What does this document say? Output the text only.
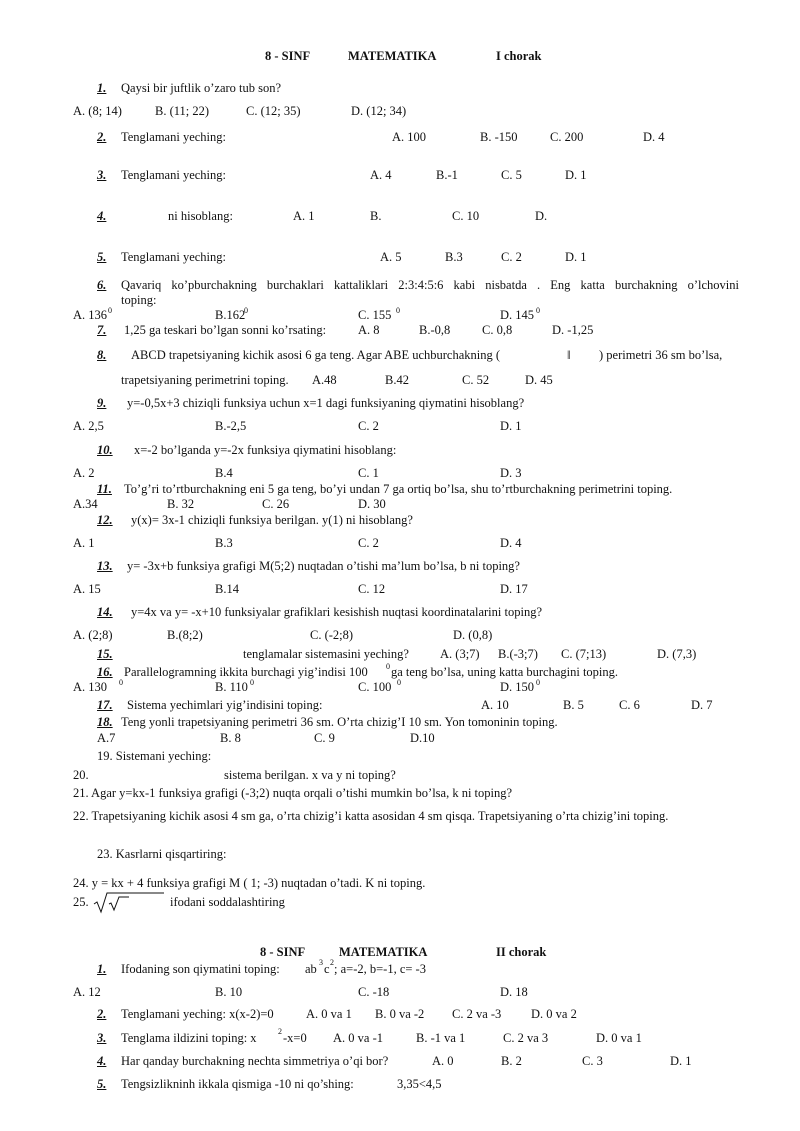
8 - SINF	MATEMATIKA	I chorak
1. Qaysi bir juftlik o’zaro tub son?
A. (8; 14)	B. (11; 22)	C. (12; 35)	D. (12; 34)
2. Tenglamani yeching:	A. 100	B. -150	C. 200	D. 4
3. Tenglamani yeching:	A. 4	B.-1	C. 5	D. 1
4.	ni hisoblang:	A. 1	B.	C. 10	D.
5. Tenglamani yeching:	A. 5	B.3	C. 2	D. 1
6. Qavariq ko’pburchakning burchaklari kattaliklari 2:3:4:5:6 kabi nisbatda . Eng katta burchakning o’lchovini
toping:
A. 136 0	B.162
0	C. 155 0	D. 145 0
7. 1,25 ga teskari bo’lgan sonni ko’rsating:	A. 8	B.-0,8	C. 0,8	D. -1,25
8.	ABCD trapetsiyaning kichik asosi 6 ga teng. Agar ABE uchburchakning (	‖ ) perimetri 36 sm bo’lsa,
trapetsiyaning perimetrini toping. A.48	B.42	C. 52	D. 45
9.	y=-0,5x+3 chiziqli funksiya uchun x=1 dagi funksiyaning qiymatini hisoblang?
A. 2,5	B.-2,5	C. 2	D. 1
10.	x=-2 bo’lganda y=-2x funksiya qiymatini hisoblang:
A. 2	B.4	C. 1	D. 3
11. To’g’ri to’rtburchakning eni 5 ga teng, bo’yi undan 7 ga ortiq bo’lsa, shu to’rtburchakning perimetrini toping.
A.34	B. 32	C. 26	D. 30
12. y(x)= 3x-1 chiziqli funksiya berilgan. y(1) ni hisoblang?
A. 1	B.3	C. 2	D. 4
13. y= -3x+b funksiya grafigi M(5;2) nuqtadan o’tishi ma’lum bo’lsa, b ni toping?
A. 15	B.14	C. 12	D. 17
14. y=4x va y= -x+10 funksiyalar grafiklari kesishish nuqtasi koordinatalarini toping?
A. (2;8)	B.(8;2)	C. (-2;8)	D. (0,8)
15.	tenglamalar sistemasini yeching? A. (3;7) B.(-3;7) C. (7;13)	D. (7,3)
16. Parallelogramning ikkita burchagi yig’indisi 100 0 ga teng bo’lsa, uning katta burchagini toping.
A. 130 0	B. 110 0	C. 100 0	D. 150 0
17. Sistema yechimlari yig’indisini toping:	A. 10	B. 5	C. 6	D. 7
18. Teng yonli trapetsiyaning perimetri 36 sm. O’rta chizig’I 10 sm. Yon tomoninin toping.
A.7	B. 8	C. 9	D.10
19. Sistemani yeching:
20.	sistema berilgan. x va y ni toping?
21. Agar y=kx-1 funksiya grafigi (-3;2) nuqta orqali o’tishi mumkin bo’lsa, k ni toping?
22. Trapetsiyaning kichik asosi 4 sm ga, o’rta chizig’i katta asosidan 4 sm qisqa. Trapetsiyaning o’rta chizig’ini toping.
23. Kasrlarni qisqartiring:
24. y = kx + 4 funksiya grafigi M ( 1; -3) nuqtadan o’tadi. K ni toping.
25.	ifodani soddalashtiring
8 - SINF	MATEMATIKA	II chorak
1. Ifodaning son qiymatini toping: ab 3 c 2 ; a=-2, b=-1, c= -3
A. 12	B. 10	C. -18	D. 18
2. Tenglamani yeching: x(x-2)=0	A. 0 va 1 B. 0 va -2 C. 2 va -3 D. 0 va 2
3. Tenglama ildizini toping: x	2 -x=0 A. 0 va -1	B. -1 va 1	C. 2 va 3	D. 0 va 1
4. Har qanday burchakning nechta simmetriya o’qi bor?	A. 0	B. 2	C. 3	D. 1
5. Tengsizlikninh ikkala qismiga -10 ni qo’shing:	3,35<4,5
